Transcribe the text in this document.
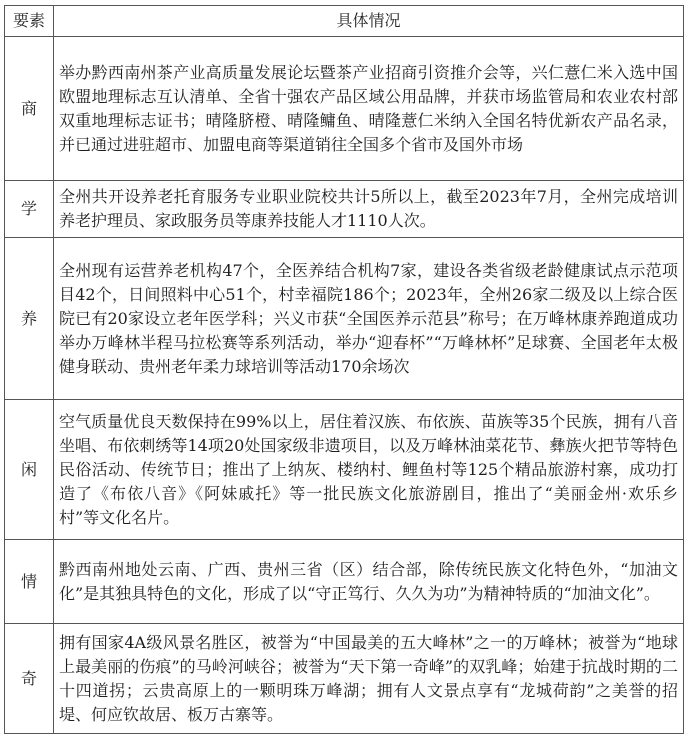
要素	具体情况
商	举办黔西南州茶产业高质量发展论坛暨茶产业招商引资推介会等，兴仁薏仁米入选中国欧盟地理标志互认清单、全省十强农产品区域公用品牌，并获市场监管局和农业农村部双重地理标志证书；晴隆脐橙、晴隆鳙鱼、晴隆薏仁米纳入全国名特优新农产品名录，并已通过进驻超市、加盟电商等渠道销往全国多个省市及国外市场
学	全州共开设养老托育服务专业职业院校共计5所以上，截至2023年7月，全州完成培训养老护理员、家政服务员等康养技能人才1110人次。
养	全州现有运营养老机构47个，全医养结合机构7家，建设各类省级老龄健康试点示范项目42个，日间照料中心51个，村幸福院186个；2023年，全州26家二级及以上综合医院已有20家设立老年医学科；兴义市获“全国医养示范县”称号；在万峰林康养跑道成功举办万峰林半程马拉松赛等系列活动，举办“迎春杯”“万峰林杯”足球赛、全国老年太极健身联动、贵州老年柔力球培训等活动170余场次
闲	空气质量优良天数保持在99%以上，居住着汉族、布依族、苗族等35个民族，拥有八音坐唱、布依刺绣等14项20处国家级非遗项目，以及万峰林油菜花节、彝族火把节等特色民俗活动、传统节日；推出了上纳灰、楼纳村、鲤鱼村等125个精品旅游村寨，成功打造了《布依八音》《阿妹戚托》等一批民族文化旅游剧目，推出了“美丽金州·欢乐乡村”等文化名片。
情	黔西南州地处云南、广西、贵州三省（区）结合部，除传统民族文化特色外，“加油文化”是其独具特色的文化，形成了以“守正笃行、久久为功”为精神特质的“加油文化”。
奇	拥有国家4A级风景名胜区，被誉为“中国最美的五大峰林”之一的万峰林；被誉为“地球上最美丽的伤痕”的马岭河峡谷；被誉为“天下第一奇峰”的双乳峰；始建于抗战时期的二十四道拐；云贵高原上的一颗明珠万峰湖；拥有人文景点享有“龙城荷韵”之美誉的招堤、何应钦故居、板万古寨等。
